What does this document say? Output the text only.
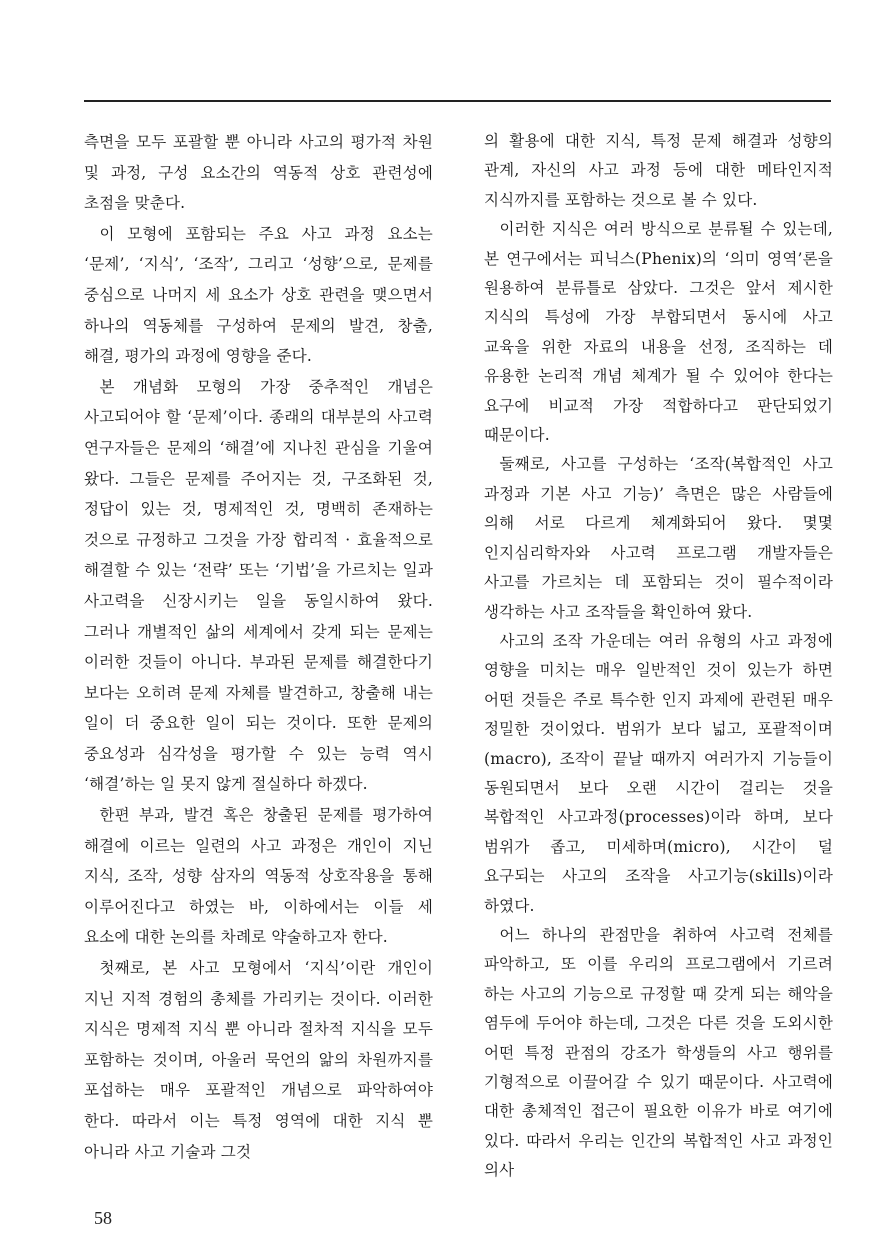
측면을 모두 포괄할 뿐 아니라 사고의 평가적 차원 및 과정, 구성 요소간의 역동적 상호 관련성에 초점을 맞춘다.

이 모형에 포함되는 주요 사고 과정 요소는 ‘문제’, ‘지식’, ‘조작’, 그리고 ‘성향’으로, 문제를 중심으로 나머지 세 요소가 상호 관련을 맺으면서 하나의 역동체를 구성하여 문제의 발견, 창출, 해결, 평가의 과정에 영향을 준다.

본 개념화 모형의 가장 중추적인 개념은 사고되어야 할 ‘문제’이다. 종래의 대부분의 사고력 연구자들은 문제의 ‘해결’에 지나친 관심을 기울여 왔다. 그들은 문제를 주어지는 것, 구조화된 것, 정답이 있는 것, 명제적인 것, 명백히 존재하는 것으로 규정하고 그것을 가장 합리적 · 효율적으로 해결할 수 있는 ‘전략’ 또는 ‘기법’을 가르치는 일과 사고력을 신장시키는 일을 동일시하여 왔다. 그러나 개별적인 삶의 세계에서 갖게 되는 문제는 이러한 것들이 아니다. 부과된 문제를 해결한다기 보다는 오히려 문제 자체를 발견하고, 창출해 내는 일이 더 중요한 일이 되는 것이다. 또한 문제의 중요성과 심각성을 평가할 수 있는 능력 역시 ‘해결’하는 일 못지 않게 절실하다 하겠다.

한편 부과, 발견 혹은 창출된 문제를 평가하여 해결에 이르는 일련의 사고 과정은 개인이 지닌 지식, 조작, 성향 삼자의 역동적 상호작용을 통해 이루어진다고 하였는 바, 이하에서는 이들 세 요소에 대한 논의를 차례로 약술하고자 한다.

첫째로, 본 사고 모형에서 ‘지식’이란 개인이 지닌 지적 경험의 총체를 가리키는 것이다. 이러한 지식은 명제적 지식 뿐 아니라 절차적 지식을 모두 포함하는 것이며, 아울러 묵언의 앎의 차원까지를 포섭하는 매우 포괄적인 개념으로 파악하여야 한다. 따라서 이는 특정 영역에 대한 지식 뿐 아니라 사고 기술과 그것

의 활용에 대한 지식, 특정 문제 해결과 성향의 관계, 자신의 사고 과정 등에 대한 메타인지적 지식까지를 포함하는 것으로 볼 수 있다.

이러한 지식은 여러 방식으로 분류될 수 있는데, 본 연구에서는 피닉스(Phenix)의 ‘의미 영역’론을 원용하여 분류틀로 삼았다. 그것은 앞서 제시한 지식의 특성에 가장 부합되면서 동시에 사고 교육을 위한 자료의 내용을 선정, 조직하는 데 유용한 논리적 개념 체계가 될 수 있어야 한다는 요구에 비교적 가장 적합하다고 판단되었기 때문이다.

둘째로, 사고를 구성하는 ‘조작(복합적인 사고 과정과 기본 사고 기능)’ 측면은 많은 사람들에 의해 서로 다르게 체계화되어 왔다. 몇몇 인지심리학자와 사고력 프로그램 개발자들은 사고를 가르치는 데 포함되는 것이 필수적이라 생각하는 사고 조작들을 확인하여 왔다.

사고의 조작 가운데는 여러 유형의 사고 과정에 영향을 미치는 매우 일반적인 것이 있는가 하면 어떤 것들은 주로 특수한 인지 과제에 관련된 매우 정밀한 것이었다. 범위가 보다 넓고, 포괄적이며(macro), 조작이 끝날 때까지 여러가지 기능들이 동원되면서 보다 오랜 시간이 걸리는 것을 복합적인 사고과정(processes)이라 하며, 보다 범위가 좁고, 미세하며(micro), 시간이 덜 요구되는 사고의 조작을 사고기능(skills)이라 하였다.

어느 하나의 관점만을 취하여 사고력 전체를 파악하고, 또 이를 우리의 프로그램에서 기르려 하는 사고의 기능으로 규정할 때 갖게 되는 해악을 염두에 두어야 하는데, 그것은 다른 것을 도외시한 어떤 특정 관점의 강조가 학생들의 사고 행위를 기형적으로 이끌어갈 수 있기 때문이다. 사고력에 대한 총체적인 접근이 필요한 이유가 바로 여기에 있다. 따라서 우리는 인간의 복합적인 사고 과정인 의사

58
